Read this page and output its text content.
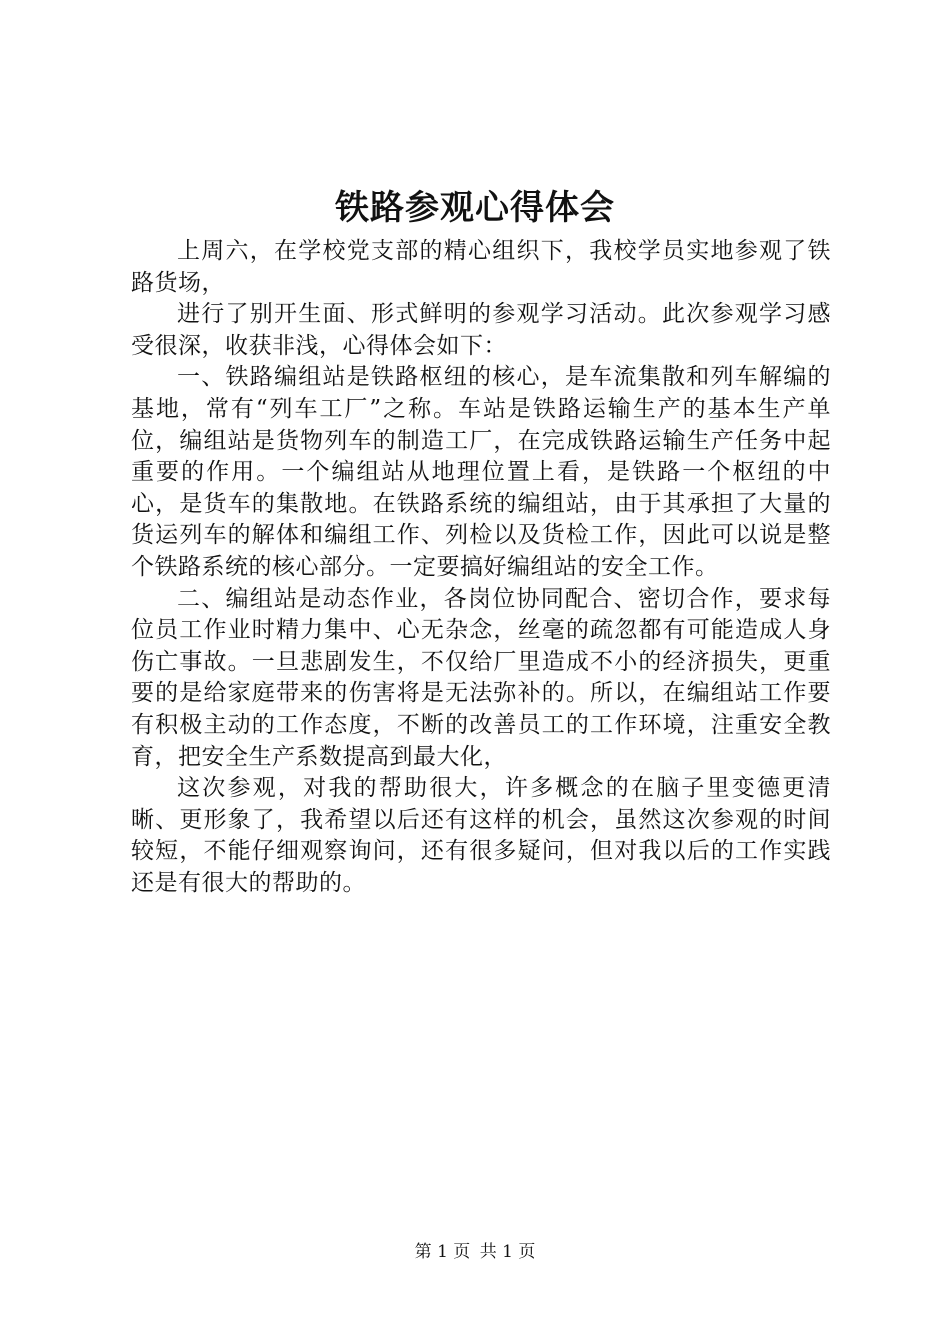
铁路参观心得体会

上周六，在学校党支部的精心组织下，我校学员实地参观了铁路货场，

进行了别开生面、形式鲜明的参观学习活动。此次参观学习感受很深，收获非浅，心得体会如下：

一、铁路编组站是铁路枢纽的核心，是车流集散和列车解编的基地，常有“列车工厂”之称。车站是铁路运输生产的基本生产单位，编组站是货物列车的制造工厂，在完成铁路运输生产任务中起重要的作用。一个编组站从地理位置上看，是铁路一个枢纽的中心，是货车的集散地。在铁路系统的编组站，由于其承担了大量的货运列车的解体和编组工作、列检以及货检工作，因此可以说是整个铁路系统的核心部分。一定要搞好编组站的安全工作。

二、编组站是动态作业，各岗位协同配合、密切合作，要求每位员工作业时精力集中、心无杂念，丝毫的疏忽都有可能造成人身伤亡事故。一旦悲剧发生，不仅给厂里造成不小的经济损失，更重要的是给家庭带来的伤害将是无法弥补的。所以，在编组站工作要有积极主动的工作态度，不断的改善员工的工作环境，注重安全教育，把安全生产系数提高到最大化，

这次参观，对我的帮助很大，许多概念的在脑子里变德更清晰、更形象了，我希望以后还有这样的机会，虽然这次参观的时间较短，不能仔细观察询问，还有很多疑问，但对我以后的工作实践还是有很大的帮助的。

第 1 页 共 1 页
